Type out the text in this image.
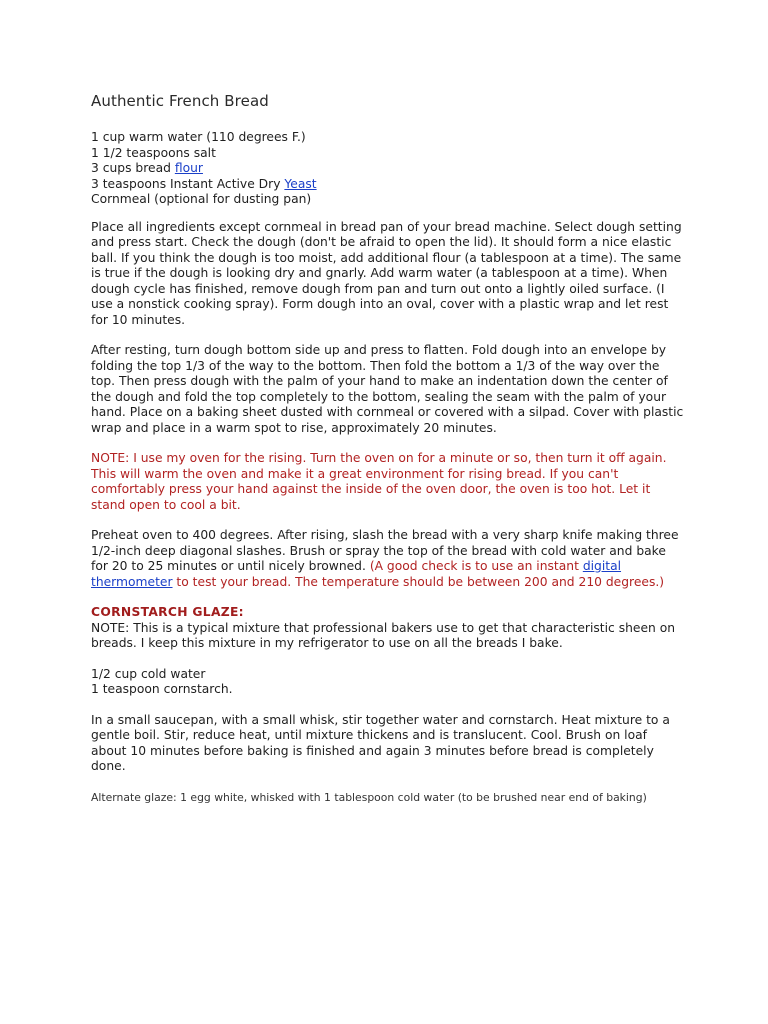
Authentic French Bread
1 cup warm water (110 degrees F.)
1 1/2 teaspoons salt
3 cups bread flour
3 teaspoons Instant Active Dry Yeast
Cornmeal (optional for dusting pan)

Place all ingredients except cornmeal in bread pan of your bread machine. Select dough setting and press start. Check the dough (don't be afraid to open the lid). It should form a nice elastic ball. If you think the dough is too moist, add additional flour (a tablespoon at a time). The same is true if the dough is looking dry and gnarly. Add warm water (a tablespoon at a time). When dough cycle has finished, remove dough from pan and turn out onto a lightly oiled surface. (I use a nonstick cooking spray). Form dough into an oval, cover with a plastic wrap and let rest for 10 minutes.

After resting, turn dough bottom side up and press to flatten. Fold dough into an envelope by folding the top 1/3 of the way to the bottom. Then fold the bottom a 1/3 of the way over the top. Then press dough with the palm of your hand to make an indentation down the center of the dough and fold the top completely to the bottom, sealing the seam with the palm of your hand. Place on a baking sheet dusted with cornmeal or covered with a silpad. Cover with plastic wrap and place in a warm spot to rise, approximately 20 minutes.

NOTE: I use my oven for the rising. Turn the oven on for a minute or so, then turn it off again. This will warm the oven and make it a great environment for rising bread. If you can't comfortably press your hand against the inside of the oven door, the oven is too hot. Let it stand open to cool a bit.

Preheat oven to 400 degrees. After rising, slash the bread with a very sharp knife making three 1/2-inch deep diagonal slashes. Brush or spray the top of the bread with cold water and bake for 20 to 25 minutes or until nicely browned. (A good check is to use an instant digital thermometer to test your bread. The temperature should be between 200 and 210 degrees.)

CORNSTARCH GLAZE:
NOTE: This is a typical mixture that professional bakers use to get that characteristic sheen on breads. I keep this mixture in my refrigerator to use on all the breads I bake.
1/2 cup cold water
1 teaspoon cornstarch.

In a small saucepan, with a small whisk, stir together water and cornstarch. Heat mixture to a gentle boil. Stir, reduce heat, until mixture thickens and is translucent. Cool. Brush on loaf about 10 minutes before baking is finished and again 3 minutes before bread is completely done.

Alternate glaze: 1 egg white, whisked with 1 tablespoon cold water (to be brushed near end of baking)
